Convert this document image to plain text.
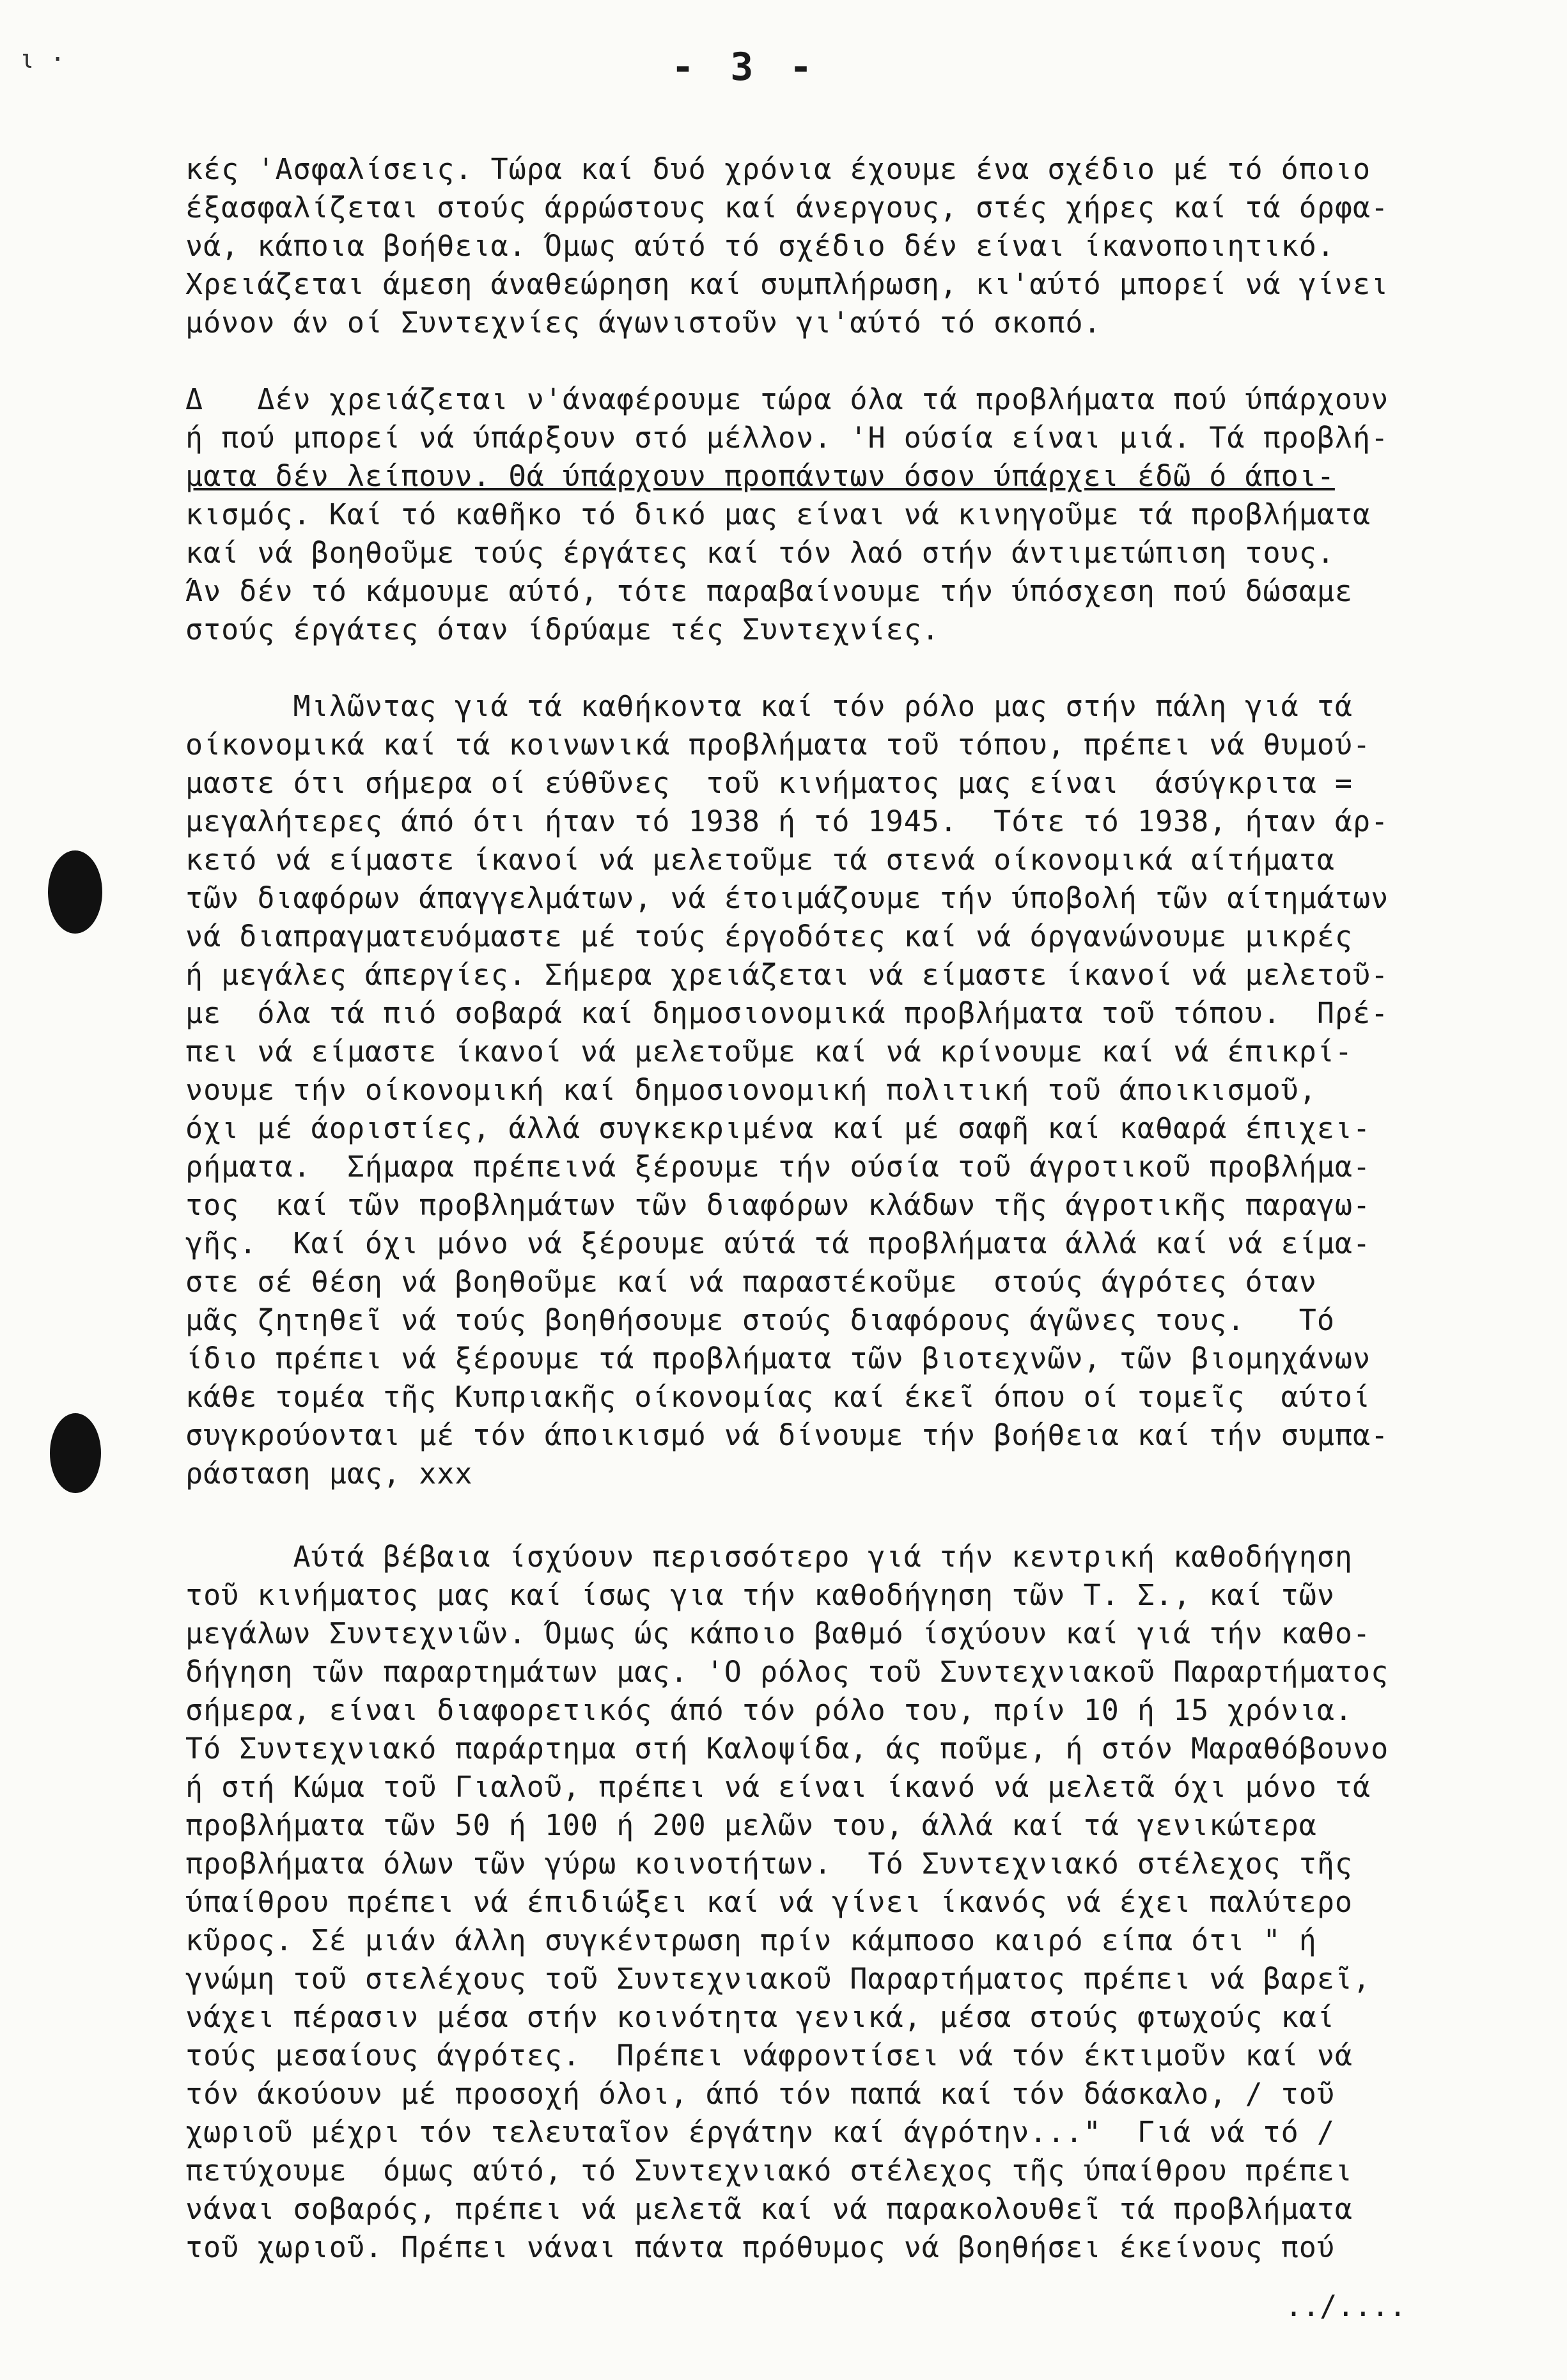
ι ·	- 3 -
κές 'Ασφαλίσεις. Τώρα καί δυό χρόνια έχουμε ένα σχέδιο μέ τό όποιο
έξασφαλίζεται στούς άρρώστους καί άνεργους, στές χήρες καί τά όρφα-
νά, κάποια βοήθεια. Όμως αύτό τό σχέδιο δέν είναι ίκανοποιητικό.
Χρειάζεται άμεση άναθεώρηση καί συμπλήρωση, κι'αύτό μπορεί νά γίνει
μόνον άν οί Συντεχνίες άγωνιστοῦν γι'αύτό τό σκοπό.
Δ   Δέν χρειάζεται ν'άναφέρουμε τώρα όλα τά προβλήματα πού ύπάρχουν
ή πού μπορεί νά ύπάρξουν στό μέλλον. 'Η ούσία είναι μιά. Τά προβλή-
ματα δέν λείπουν. Θά ύπάρχουν προπάντων όσον ύπάρχει έδῶ ό άποι-
κισμός. Καί τό καθῆκο τό δικό μας είναι νά κινηγοῦμε τά προβλήματα
καί νά βοηθοῦμε τούς έργάτες καί τόν λαό στήν άντιμετώπιση τους.
Άν δέν τό κάμουμε αύτό, τότε παραβαίνουμε τήν ύπόσχεση πού δώσαμε
στούς έργάτες όταν ίδρύαμε τές Συντεχνίες.
Μιλῶντας γιά τά καθήκοντα καί τόν ρόλο μας στήν πάλη γιά τά
οίκονομικά καί τά κοινωνικά προβλήματα τοῦ τόπου, πρέπει νά θυμού-
μαστε ότι σήμερα οί εύθῦνες  τοῦ κινήματος μας είναι  άσύγκριτα =
μεγαλήτερες άπό ότι ήταν τό 1938 ή τό 1945.  Τότε τό 1938, ήταν άρ-
κετό νά είμαστε ίκανοί νά μελετοῦμε τά στενά οίκονομικά αίτήματα
τῶν διαφόρων άπαγγελμάτων, νά έτοιμάζουμε τήν ύποβολή τῶν αίτημάτων
νά διαπραγματευόμαστε μέ τούς έργοδότες καί νά όργανώνουμε μικρές
ή μεγάλες άπεργίες. Σήμερα χρειάζεται νά είμαστε ίκανοί νά μελετοῦ-
με  όλα τά πιό σοβαρά καί δημοσιονομικά προβλήματα τοῦ τόπου.  Πρέ-
πει νά είμαστε ίκανοί νά μελετοῦμε καί νά κρίνουμε καί νά έπικρί-
νουμε τήν οίκονομική καί δημοσιονομική πολιτική τοῦ άποικισμοῦ,
όχι μέ άοριστίες, άλλά συγκεκριμένα καί μέ σαφῆ καί καθαρά έπιχει-
ρήματα.  Σήμαρα πρέπεινά ξέρουμε τήν ούσία τοῦ άγροτικοῦ προβλήμα-
τος  καί τῶν προβλημάτων τῶν διαφόρων κλάδων τῆς άγροτικῆς παραγω-
γῆς.  Καί όχι μόνο νά ξέρουμε αύτά τά προβλήματα άλλά καί νά είμα-
στε σέ θέση νά βοηθοῦμε καί νά παραστέκοῦμε  στούς άγρότες όταν
μᾶς ζητηθεῖ νά τούς βοηθήσουμε στούς διαφόρους άγῶνες τους.   Τό
ίδιο πρέπει νά ξέρουμε τά προβλήματα τῶν βιοτεχνῶν, τῶν βιομηχάνων
κάθε τομέα τῆς Κυπριακῆς οίκονομίας καί έκεῖ όπου οί τομεῖς  αύτοί
συγκρούονται μέ τόν άποικισμό νά δίνουμε τήν βοήθεια καί τήν συμπα-
ράσταση μας, xxx
Αύτά βέβαια ίσχύουν περισσότερο γιά τήν κεντρική καθοδήγηση
τοῦ κινήματος μας καί ίσως για τήν καθοδήγηση τῶν Τ. Σ., καί τῶν
μεγάλων Συντεχνιῶν. Όμως ώς κάποιο βαθμό ίσχύουν καί γιά τήν καθο-
δήγηση τῶν παραρτημάτων μας. 'Ο ρόλος τοῦ Συντεχνιακοῦ Παραρτήματος
σήμερα, είναι διαφορετικός άπό τόν ρόλο του, πρίν 10 ή 15 χρόνια.
Τό Συντεχνιακό παράρτημα στή Καλοψίδα, άς ποῦμε, ή στόν Μαραθόβουνο
ή στή Κώμα τοῦ Γιαλοῦ, πρέπει νά είναι ίκανό νά μελετᾶ όχι μόνο τά
προβλήματα τῶν 50 ή 100 ή 200 μελῶν του, άλλά καί τά γενικώτερα
προβλήματα όλων τῶν γύρω κοινοτήτων.  Τό Συντεχνιακό στέλεχος τῆς
ύπαίθρου πρέπει νά έπιδιώξει καί νά γίνει ίκανός νά έχει παλύτερο
κῦρος. Σέ μιάν άλλη συγκέντρωση πρίν κάμποσο καιρό είπα ότι " ή
γνώμη τοῦ στελέχους τοῦ Συντεχνιακοῦ Παραρτήματος πρέπει νά βαρεῖ,
νάχει πέρασιν μέσα στήν κοινότητα γενικά, μέσα στούς φτωχούς καί
τούς μεσαίους άγρότες.  Πρέπει νάφροντίσει νά τόν έκτιμοῦν καί νά
τόν άκούουν μέ προσοχή όλοι, άπό τόν παπά καί τόν δάσκαλο, / τοῦ
χωριοῦ μέχρι τόν τελευταῖον έργάτην καί άγρότην..."  Γιά νά τό /
πετύχουμε  όμως αύτό, τό Συντεχνιακό στέλεχος τῆς ύπαίθρου πρέπει
νάναι σοβαρός, πρέπει νά μελετᾶ καί νά παρακολουθεῖ τά προβλήματα
τοῦ χωριοῦ. Πρέπει νάναι πάντα πρόθυμος νά βοηθήσει έκείνους πού
../....
